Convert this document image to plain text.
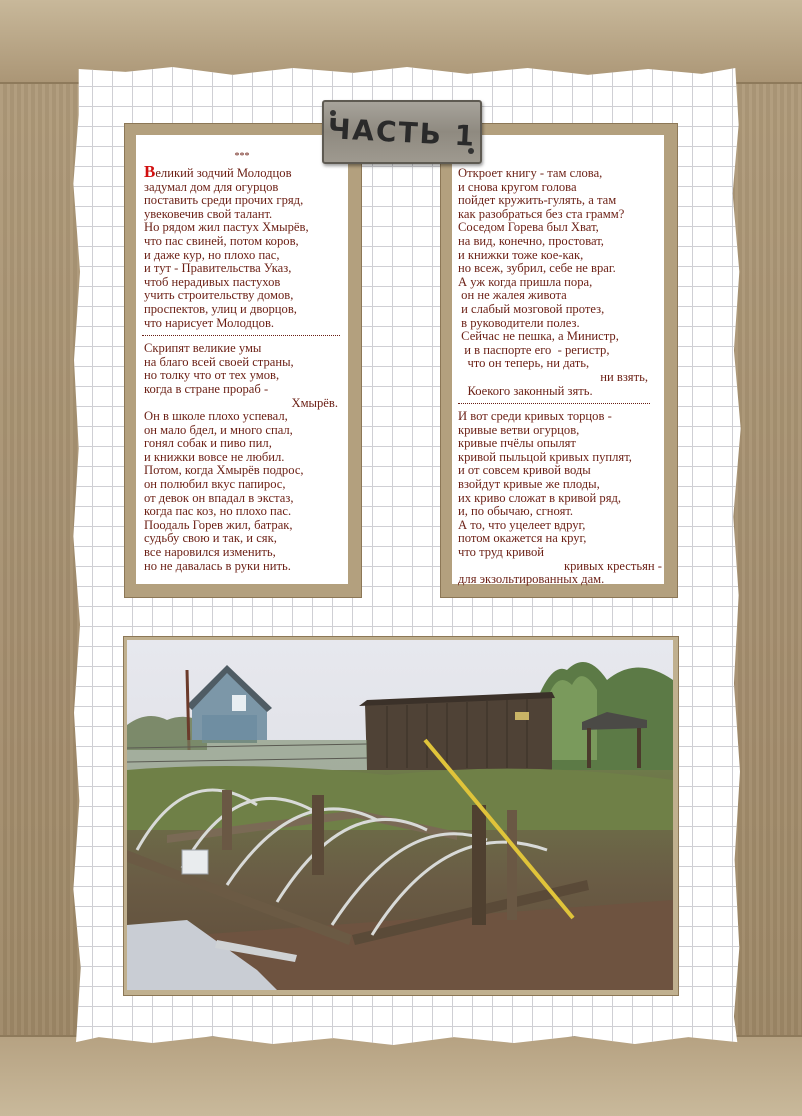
***

Великий зодчий Молодцов

задумал дом для огурцов

поставить среди прочих гряд,

увековечив свой талант.

Но рядом жил пастух Хмырёв,

что пас свиней, потом коров,

и даже кур, но плохо пас,

и тут - Правительства Указ,

чтоб нерадивых пастухов

учить строительству домов,

проспектов, улиц и дворцов,

что нарисует Молодцов.

Скрипят великие умы

на благо всей своей страны,

но толку что от тех умов,

когда в стране прораб -

Хмырёв.

Он в школе плохо успевал,

он мало бдел, и много спал,

гонял собак и пиво пил,

и книжки вовсе не любил.

Потом, когда Хмырёв подрос,

он полюбил вкус папирос,

от девок он впадал в экстаз,

когда пас коз, но плохо пас.

Поодаль Горев жил, батрак,

судьбу свою и так, и сяк,

все наровился изменить,

но не давалась в руки нить.

Откроет книгу - там слова,

и снова кругом голова

пойдет кружить-гулять, а там

как разобраться без ста грамм?

Соседом Горева был Хват,

на вид, конечно, простоват,

и книжки тоже кое-как,

но всеж, зубрил, себе не враг.

А уж когда пришла пора,

он не жалея живота

и слабый мозговой протез,

в руководители полез.

Сейчас не пешка, а Министр,

и в паспорте его  - регистр,

что он теперь, ни дать,

ни взять,

Коекого законный зять.

И вот среди кривых торцов -

кривые ветви огурцов,

кривые пчёлы опылят

кривой пыльцой кривых пуплят,

и от совсем кривой воды

взойдут кривые же плоды,

их криво сложат в кривой ряд,

и, по обычаю, сгноят.

А то, что уцелеет вдруг,

потом окажется на круг,

что труд кривой

кривых крестьян -

для экзольтированных дам.

ЧАСТЬ 1
